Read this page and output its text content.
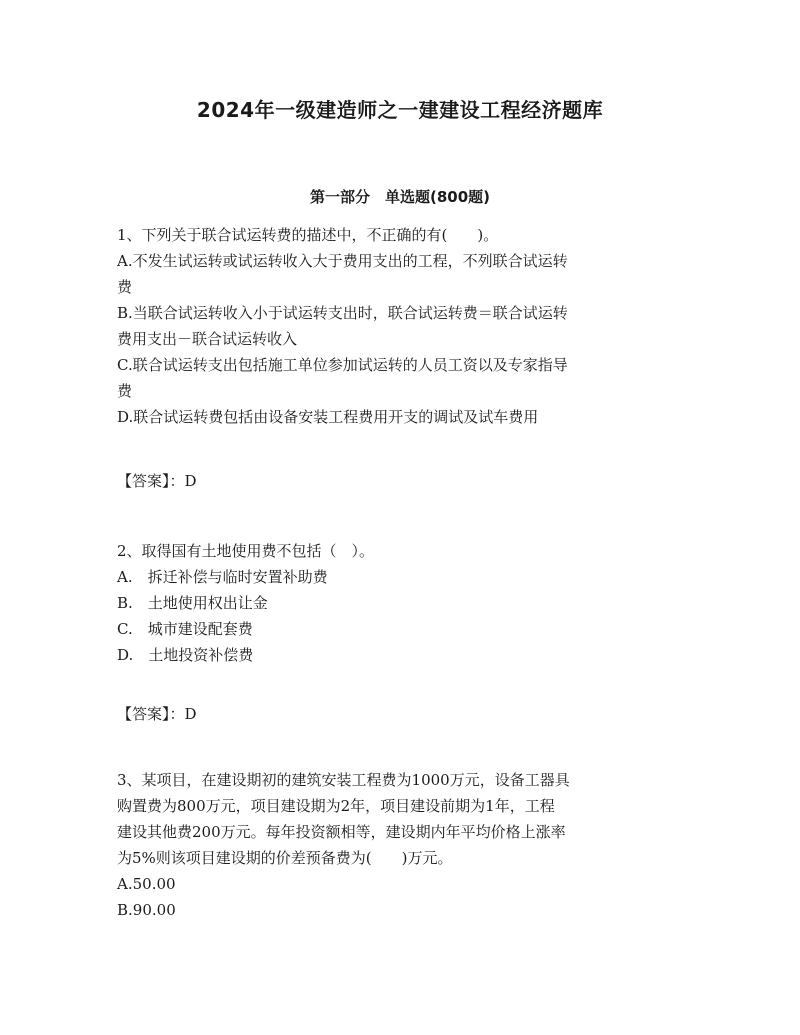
2024年一级建造师之一建建设工程经济题库
第一部分　单选题(800题)
1、下列关于联合试运转费的描述中，不正确的有(　　)。
A.不发生试运转或试运转收入大于费用支出的工程，不列联合试运转
费
B.当联合试运转收入小于试运转支出时，联合试运转费＝联合试运转
费用支出－联合试运转收入
C.联合试运转支出包括施工单位参加试运转的人员工资以及专家指导
费
D.联合试运转费包括由设备安装工程费用开支的调试及试车费用
【答案】：D
2、取得国有土地使用费不包括（　）。
A.　拆迁补偿与临时安置补助费
B.　土地使用权出让金
C.　城市建设配套费
D.　土地投资补偿费
【答案】：D
3、某项目，在建设期初的建筑安装工程费为1000万元，设备工器具
购置费为800万元，项目建设期为2年，项目建设前期为1年，工程
建设其他费200万元。每年投资额相等，建设期内年平均价格上涨率
为5%则该项目建设期的价差预备费为(　　)万元。
A.50.00
B.90.00
